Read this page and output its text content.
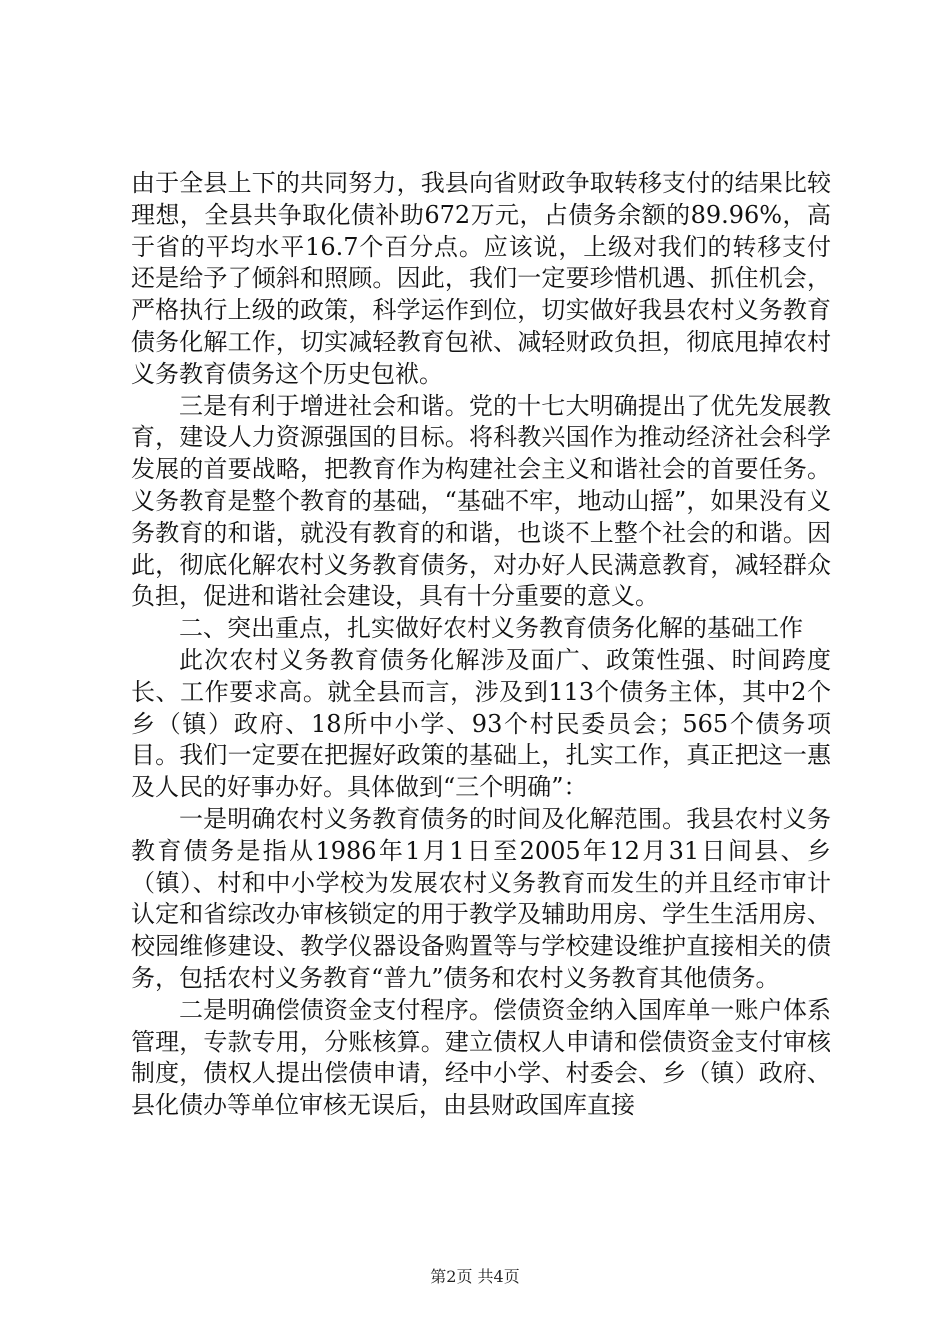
由于全县上下的共同努力，我县向省财政争取转移支付的结果比较理想，全县共争取化债补助672万元，占债务余额的89.96%，高于省的平均水平16.7个百分点。应该说，上级对我们的转移支付还是给予了倾斜和照顾。因此，我们一定要珍惜机遇、抓住机会，严格执行上级的政策，科学运作到位，切实做好我县农村义务教育债务化解工作，切实减轻教育包袱、减轻财政负担，彻底甩掉农村义务教育债务这个历史包袱。

三是有利于增进社会和谐。党的十七大明确提出了优先发展教育，建设人力资源强国的目标。将科教兴国作为推动经济社会科学发展的首要战略，把教育作为构建社会主义和谐社会的首要任务。义务教育是整个教育的基础，“基础不牢，地动山摇”，如果没有义务教育的和谐，就没有教育的和谐，也谈不上整个社会的和谐。因此，彻底化解农村义务教育债务，对办好人民满意教育，减轻群众负担，促进和谐社会建设，具有十分重要的意义。

二、突出重点，扎实做好农村义务教育债务化解的基础工作

此次农村义务教育债务化解涉及面广、政策性强、时间跨度长、工作要求高。就全县而言，涉及到113个债务主体，其中2个乡（镇）政府、18所中小学、93个村民委员会；565个债务项目。我们一定要在把握好政策的基础上，扎实工作，真正把这一惠及人民的好事办好。具体做到“三个明确”：

一是明确农村义务教育债务的时间及化解范围。我县农村义务教育债务是指从1986年1月1日至2005年12月31日间县、乡（镇）、村和中小学校为发展农村义务教育而发生的并且经市审计认定和省综改办审核锁定的用于教学及辅助用房、学生生活用房、校园维修建设、教学仪器设备购置等与学校建设维护直接相关的债务，包括农村义务教育“普九”债务和农村义务教育其他债务。

二是明确偿债资金支付程序。偿债资金纳入国库单一账户体系管理，专款专用，分账核算。建立债权人申请和偿债资金支付审核制度，债权人提出偿债申请，经中小学、村委会、乡（镇）政府、县化债办等单位审核无误后，由县财政国库直接

第2页 共4页
